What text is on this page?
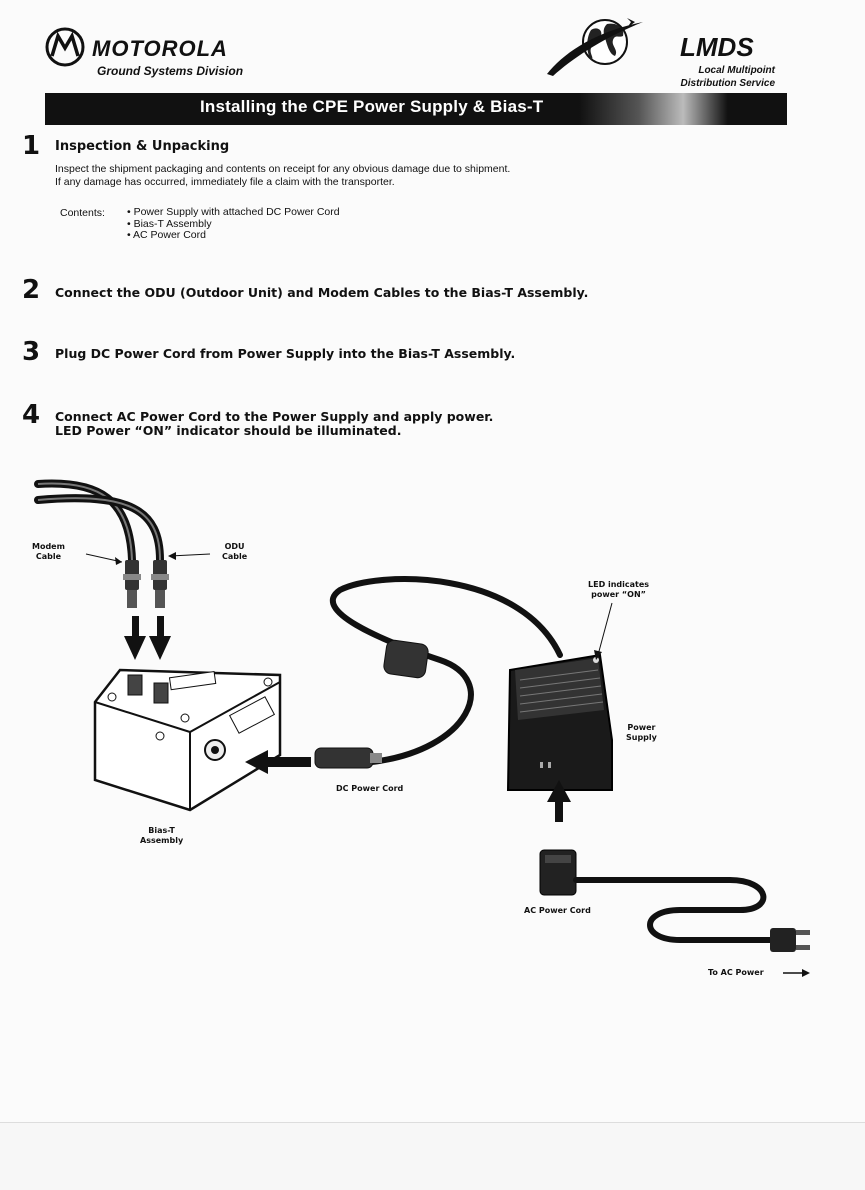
MOTOROLA
Ground Systems Division
LMDS
Local Multipoint
Distribution Service
Installing the CPE Power Supply & Bias-T
1 Inspection & Unpacking
Inspect the shipment packaging and contents on receipt for any obvious damage due to shipment.
If any damage has occurred, immediately file a claim with the transporter.
Contents: • Power Supply with attached DC Power Cord
• Bias-T Assembly
• AC Power Cord
2 Connect the ODU (Outdoor Unit) and Modem Cables to the Bias-T Assembly.
3 Plug DC Power Cord from Power Supply into the Bias-T Assembly.
4 Connect AC Power Cord to the Power Supply and apply power.
LED Power “ON” indicator should be illuminated.
Modem
Cable
ODU
Cable
LED indicates
power “ON”
Power
Supply
DC Power Cord
Bias-T
Assembly
AC Power Cord
To AC Power
